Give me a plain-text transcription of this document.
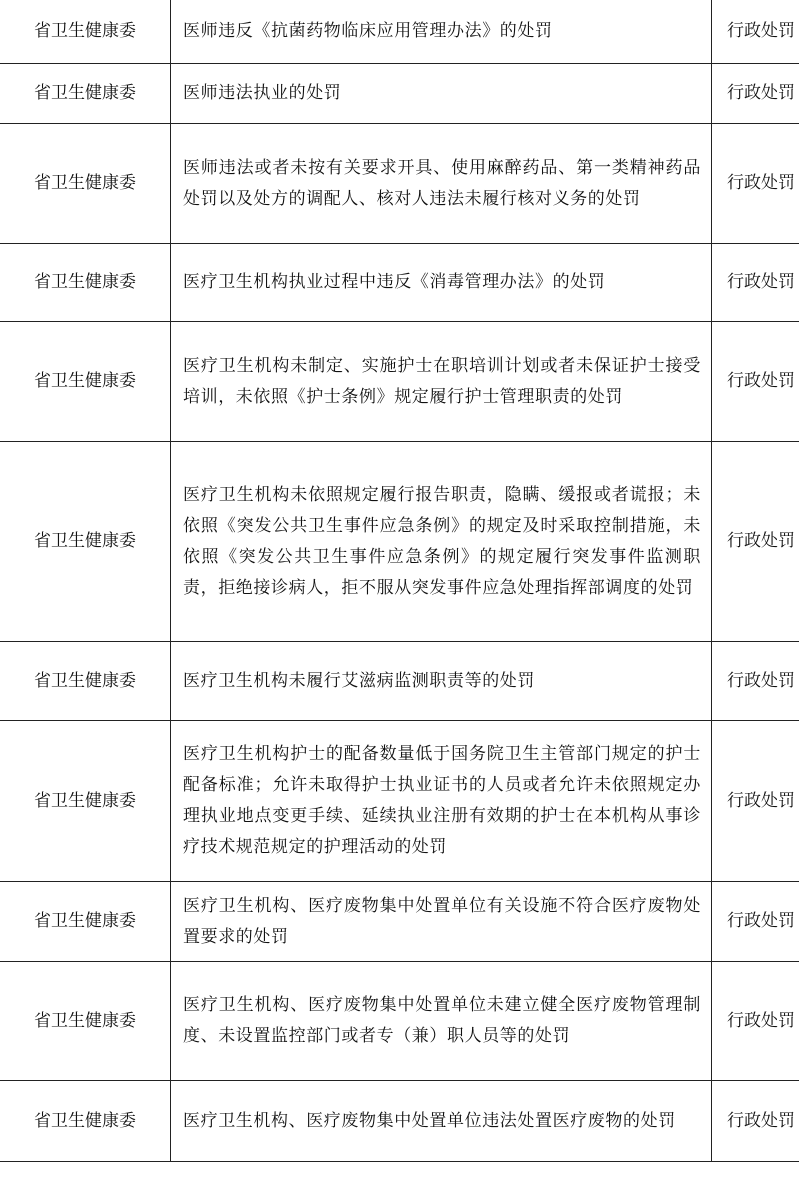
省卫生健康委	医师违反《抗菌药物临床应用管理办法》的处罚	行政处罚
省卫生健康委	医师违法执业的处罚	行政处罚
省卫生健康委	医师违法或者未按有关要求开具、使用麻醉药品、第一类精神药品处罚以及处方的调配人、核对人违法未履行核对义务的处罚	行政处罚
省卫生健康委	医疗卫生机构执业过程中违反《消毒管理办法》的处罚	行政处罚
省卫生健康委	医疗卫生机构未制定、实施护士在职培训计划或者未保证护士接受培训，未依照《护士条例》规定履行护士管理职责的处罚	行政处罚
省卫生健康委	医疗卫生机构未依照规定履行报告职责，隐瞒、缓报或者谎报；未依照《突发公共卫生事件应急条例》的规定及时采取控制措施，未依照《突发公共卫生事件应急条例》的规定履行突发事件监测职责，拒绝接诊病人，拒不服从突发事件应急处理指挥部调度的处罚	行政处罚
省卫生健康委	医疗卫生机构未履行艾滋病监测职责等的处罚	行政处罚
省卫生健康委	医疗卫生机构护士的配备数量低于国务院卫生主管部门规定的护士配备标准；允许未取得护士执业证书的人员或者允许未依照规定办理执业地点变更手续、延续执业注册有效期的护士在本机构从事诊疗技术规范规定的护理活动的处罚	行政处罚
省卫生健康委	医疗卫生机构、医疗废物集中处置单位有关设施不符合医疗废物处置要求的处罚	行政处罚
省卫生健康委	医疗卫生机构、医疗废物集中处置单位未建立健全医疗废物管理制度、未设置监控部门或者专（兼）职人员等的处罚	行政处罚
省卫生健康委	医疗卫生机构、医疗废物集中处置单位违法处置医疗废物的处罚	行政处罚
